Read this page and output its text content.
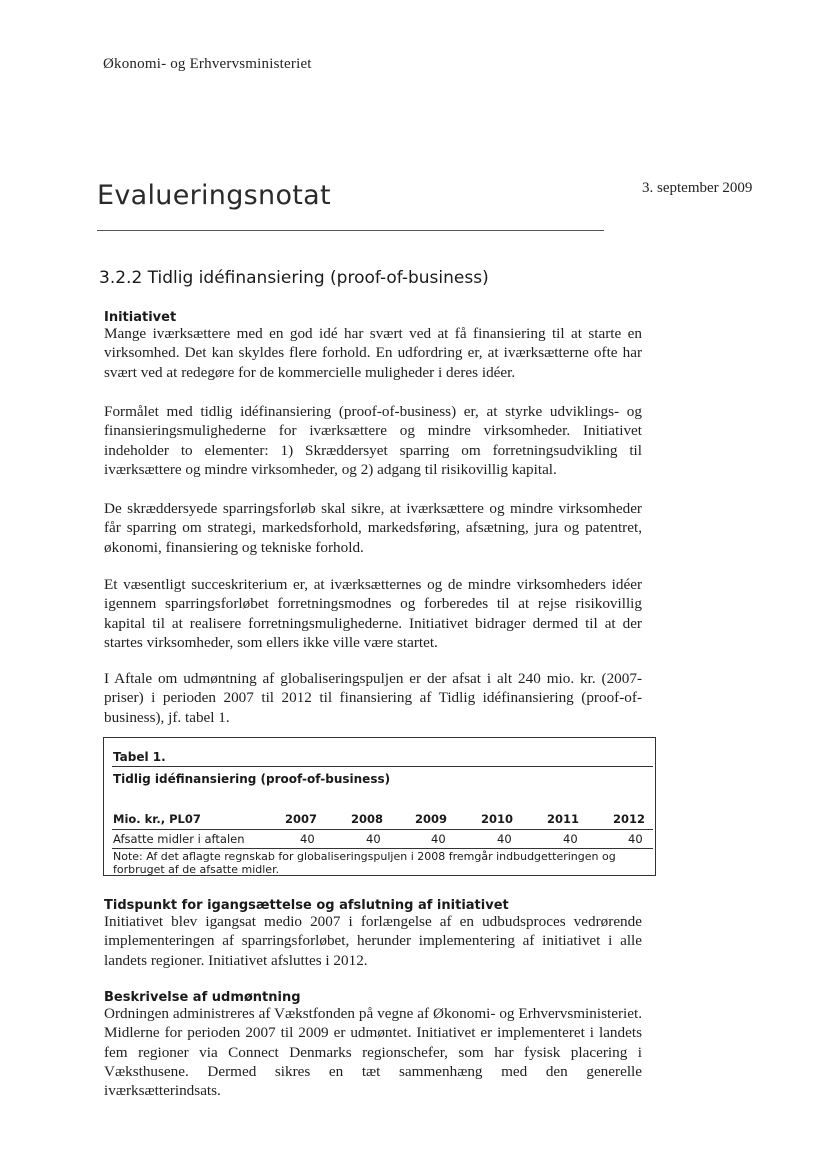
Økonomi- og Erhvervsministeriet
Evalueringsnotat	3. september 2009
3.2.2 Tidlig idéfinansiering (proof-of-business)
Initiativet
Mange iværksættere med en god idé har svært ved at få finansiering til at starte en virksomhed. Det kan skyldes flere forhold. En udfordring er, at iværksætterne ofte har svært ved at redegøre for de kommercielle muligheder i deres idéer.
Formålet med tidlig idéfinansiering (proof-of-business) er, at styrke udviklings- og finansieringsmulighederne for iværksættere og mindre virksomheder. Initiativet indeholder to elementer: 1) Skræddersyet sparring om forretningsudvikling til iværksættere og mindre virksomheder, og 2) adgang til risikovillig kapital.
De skræddersyede sparringsforløb skal sikre, at iværksættere og mindre virksomheder får sparring om strategi, markedsforhold, markedsføring, afsætning, jura og patentret, økonomi, finansiering og tekniske forhold.
Et væsentligt succeskriterium er, at iværksætternes og de mindre virksomheders idéer igennem sparringsforløbet forretningsmodnes og forberedes til at rejse risikovillig kapital til at realisere forretningsmulighederne. Initiativet bidrager dermed til at der startes virksomheder, som ellers ikke ville være startet.
I Aftale om udmøntning af globaliseringspuljen er der afsat i alt 240 mio. kr. (2007-priser) i perioden 2007 til 2012 til finansiering af Tidlig idéfinansiering (proof-of-business), jf. tabel 1.
Tabel 1.
Tidlig idéfinansiering (proof-of-business)
Mio. kr., PL07	2007	2008	2009	2010	2011	2012
Afsatte midler i aftalen	40	40	40	40	40	40
Note: Af det aflagte regnskab for globaliseringspuljen i 2008 fremgår indbudgetteringen og forbruget af de afsatte midler.
Tidspunkt for igangsættelse og afslutning af initiativet
Initiativet blev igangsat medio 2007 i forlængelse af en udbudsproces vedrørende implementeringen af sparringsforløbet, herunder implementering af initiativet i alle landets regioner. Initiativet afsluttes i 2012.
Beskrivelse af udmøntning
Ordningen administreres af Vækstfonden på vegne af Økonomi- og Erhvervsministeriet. Midlerne for perioden 2007 til 2009 er udmøntet. Initiativet er implementeret i landets fem regioner via Connect Denmarks regionschefer, som har fysisk placering i Væksthusene. Dermed sikres en tæt sammenhæng med den generelle iværksætterindsats.
